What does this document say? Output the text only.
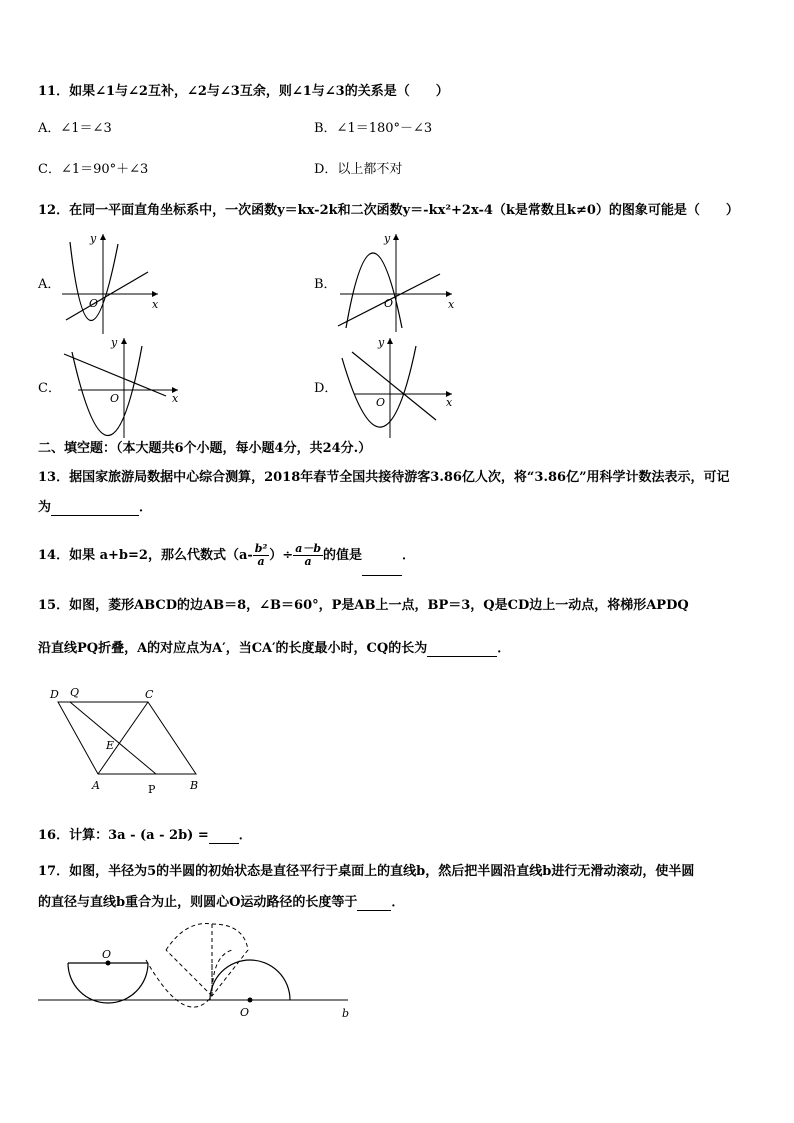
11．如果∠1与∠2互补，∠2与∠3互余，则∠1与∠3的关系是（　　）
A．∠1＝∠3	B．∠1＝180°－∠3
C．∠1＝90°＋∠3	D．以上都不对
12．在同一平面直角坐标系中，一次函数y＝kx-2k和二次函数y＝-kx²+2x-4（k是常数且k≠0）的图象可能是（　　）
A．
x
y
O
B．
x
y
O
C．
x
y
O
D．
x
y
O
二、填空题：（本大题共6个小题，每小题4分，共24分.）
13．据国家旅游局数据中心综合测算，2018年春节全国共接待游客3.86亿人次，将“3.86亿”用科学计数法表示，可记
为	．
14．如果 a+b=2，那么代数式（$a- \frac{\text{b²}}{a}$ ）÷ $\frac{a-b}{a}$ 的值是	．
15．如图，菱形ABCD的边AB＝8，∠B＝60°，P是AB上一点，BP＝3，Q是CD边上一动点，将梯形APDQ
沿直线PQ折叠，A的对应点为A′，当CA′的长度最小时，CQ的长为	．
D Q	C
E
A	P	B
16．计算：3a - (a - 2b) = ．
17．如图，半径为5的半圆的初始状态是直径平行于桌面上的直线b，然后把半圆沿直线b进行无滑动滚动，使半圆
的直径与直线b重合为止，则圆心O运动路径的长度等于	．
O
O	b
